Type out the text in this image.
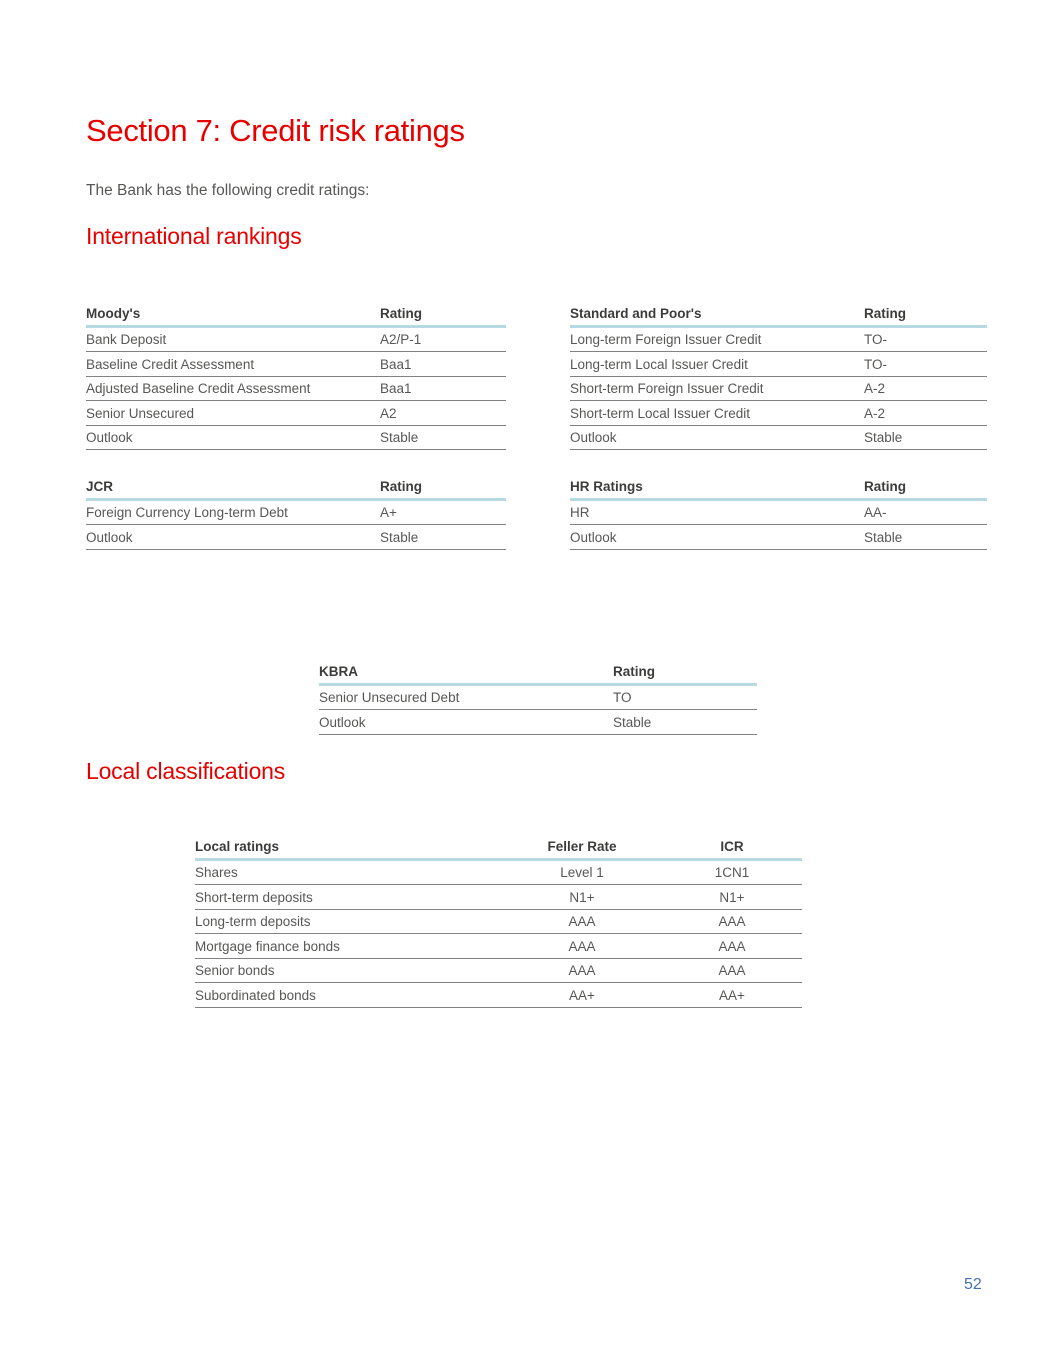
Section 7: Credit risk ratings
The Bank has the following credit ratings:
International rankings
Moody's	Rating
Bank Deposit	A2/P-1
Baseline Credit Assessment	Baa1
Adjusted Baseline Credit Assessment	Baa1
Senior Unsecured	A2
Outlook	Stable
Standard and Poor's	Rating
Long-term Foreign Issuer Credit	TO-
Long-term Local Issuer Credit	TO-
Short-term Foreign Issuer Credit	A-2
Short-term Local Issuer Credit	A-2
Outlook	Stable
JCR	Rating
Foreign Currency Long-term Debt	A+
Outlook	Stable
HR Ratings	Rating
HR	AA-
Outlook	Stable
KBRA	Rating
Senior Unsecured Debt	TO
Outlook	Stable
Local classifications
Local ratings	Feller Rate	ICR
Shares	Level 1	1CN1
Short-term deposits	N1+	N1+
Long-term deposits	AAA	AAA
Mortgage finance bonds	AAA	AAA
Senior bonds	AAA	AAA
Subordinated bonds	AA+	AA+
52
